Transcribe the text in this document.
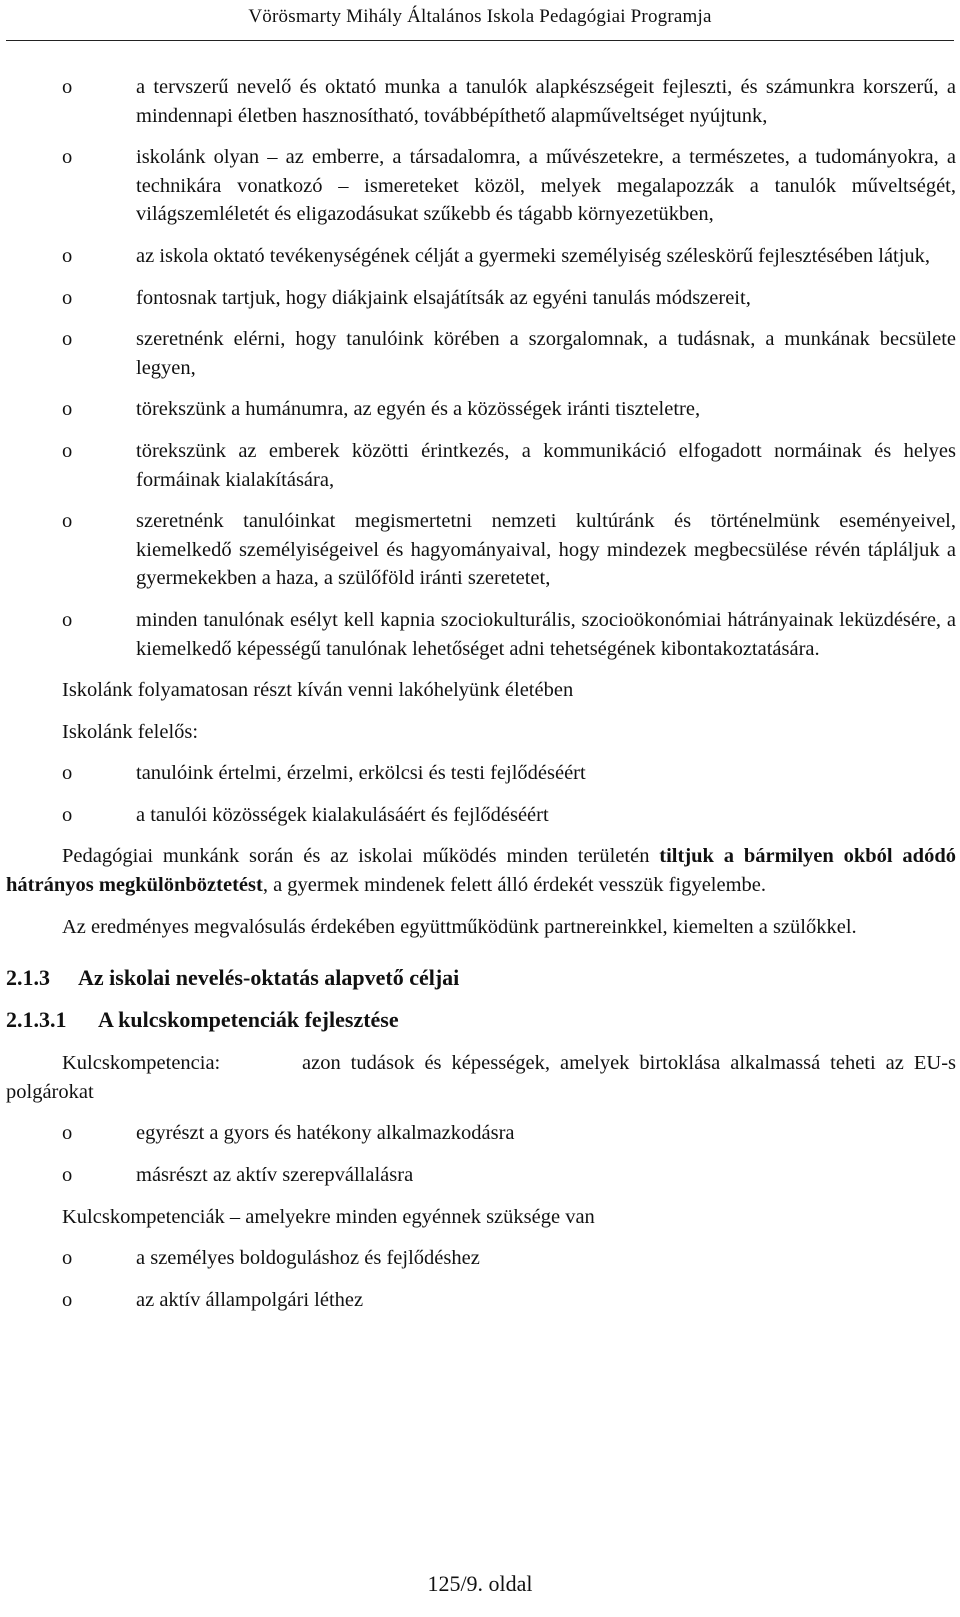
Vörösmarty Mihály Általános Iskola Pedagógiai Programja
o	a tervszerű nevelő és oktató munka a tanulók alapkészségeit fejleszti, és számunkra korszerű, a mindennapi életben hasznosítható, továbbépíthető alapműveltséget nyújtunk,
o	iskolánk olyan – az emberre, a társadalomra, a művészetekre, a természetes, a tudományokra, a technikára vonatkozó – ismereteket közöl, melyek megalapozzák a tanulók műveltségét, világszemléletét és eligazodásukat szűkebb és tágabb környezetükben,
o	az iskola oktató tevékenységének célját a gyermeki személyiség széleskörű fejlesztésében látjuk,
o	fontosnak tartjuk, hogy diákjaink elsajátítsák az egyéni tanulás módszereit,
o	szeretnénk elérni, hogy tanulóink körében a szorgalomnak, a tudásnak, a munkának becsülete legyen,
o	törekszünk a humánumra, az egyén és a közösségek iránti tiszteletre,
o	törekszünk az emberek közötti érintkezés, a kommunikáció elfogadott normáinak és helyes formáinak kialakítására,
o	szeretnénk tanulóinkat megismertetni nemzeti kultúránk és történelmünk eseményeivel, kiemelkedő személyiségeivel és hagyományaival, hogy mindezek megbecsülése révén tápláljuk a gyermekekben a haza, a szülőföld iránti szeretetet,
o	minden tanulónak esélyt kell kapnia szociokulturális, szocioökonómiai hátrányainak leküzdésére, a kiemelkedő képességű tanulónak lehetőséget adni tehetségének kibontakoztatására.
Iskolánk folyamatosan részt kíván venni lakóhelyünk életében
Iskolánk felelős:
o	tanulóink értelmi, érzelmi, erkölcsi és testi fejlődéséért
o	a tanulói közösségek kialakulásáért és fejlődéséért
Pedagógiai munkánk során és az iskolai működés minden területén tiltjuk a bármilyen okból adódó hátrányos megkülönböztetést, a gyermek mindenek felett álló érdekét vesszük figyelembe.
Az eredményes megvalósulás érdekében együttműködünk partnereinkkel, kiemelten a szülőkkel.
2.1.3 Az iskolai nevelés-oktatás alapvető céljai
2.1.3.1 A kulcskompetenciák fejlesztése
Kulcskompetencia:	azon tudások és képességek, amelyek birtoklása alkalmassá teheti az EU-s polgárokat
o	egyrészt a gyors és hatékony alkalmazkodásra
o	másrészt az aktív szerepvállalásra
Kulcskompetenciák – amelyekre minden egyénnek szüksége van
o	a személyes boldoguláshoz és fejlődéshez
o	az aktív állampolgári léthez
125/9. oldal
